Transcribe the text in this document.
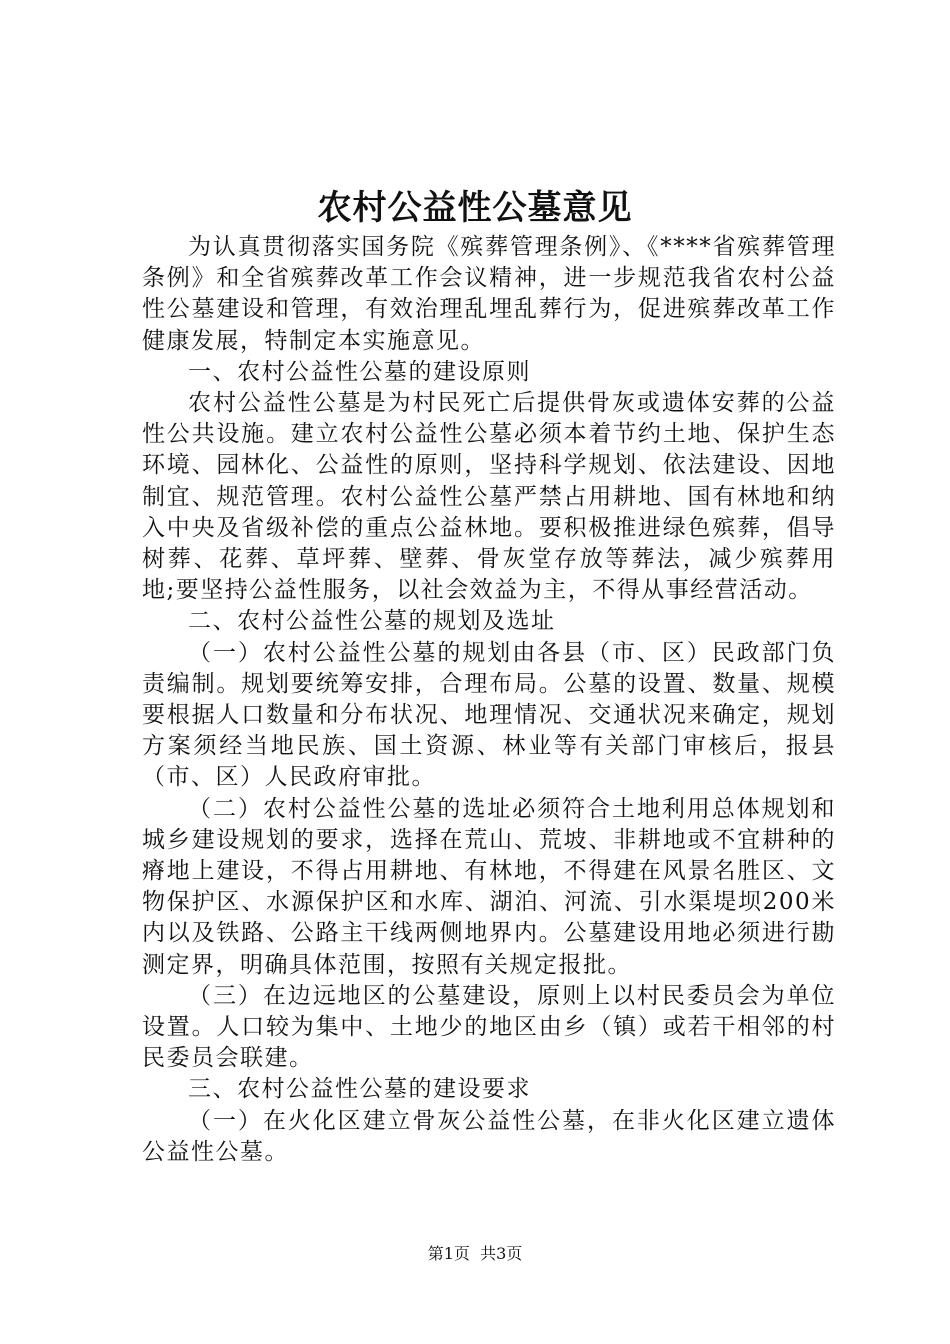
农村公益性公墓意见

为认真贯彻落实国务院《殡葬管理条例》、《****省殡葬管理条例》和全省殡葬改革工作会议精神，进一步规范我省农村公益性公墓建设和管理，有效治理乱埋乱葬行为，促进殡葬改革工作健康发展，特制定本实施意见。

一、农村公益性公墓的建设原则

农村公益性公墓是为村民死亡后提供骨灰或遗体安葬的公益性公共设施。建立农村公益性公墓必须本着节约土地、保护生态环境、园林化、公益性的原则，坚持科学规划、依法建设、因地制宜、规范管理。农村公益性公墓严禁占用耕地、国有林地和纳入中央及省级补偿的重点公益林地。要积极推进绿色殡葬，倡导树葬、花葬、草坪葬、壁葬、骨灰堂存放等葬法，减少殡葬用地;要坚持公益性服务，以社会效益为主，不得从事经营活动。

二、农村公益性公墓的规划及选址

（一）农村公益性公墓的规划由各县（市、区）民政部门负责编制。规划要统筹安排，合理布局。公墓的设置、数量、规模要根据人口数量和分布状况、地理情况、交通状况来确定，规划方案须经当地民族、国土资源、林业等有关部门审核后，报县（市、区）人民政府审批。

（二）农村公益性公墓的选址必须符合土地利用总体规划和城乡建设规划的要求，选择在荒山、荒坡、非耕地或不宜耕种的瘠地上建设，不得占用耕地、有林地，不得建在风景名胜区、文物保护区、水源保护区和水库、湖泊、河流、引水渠堤坝200米内以及铁路、公路主干线两侧地界内。公墓建设用地必须进行勘测定界，明确具体范围，按照有关规定报批。

（三）在边远地区的公墓建设，原则上以村民委员会为单位设置。人口较为集中、土地少的地区由乡（镇）或若干相邻的村民委员会联建。

三、农村公益性公墓的建设要求

（一）在火化区建立骨灰公益性公墓，在非火化区建立遗体公益性公墓。

第1页 共3页
